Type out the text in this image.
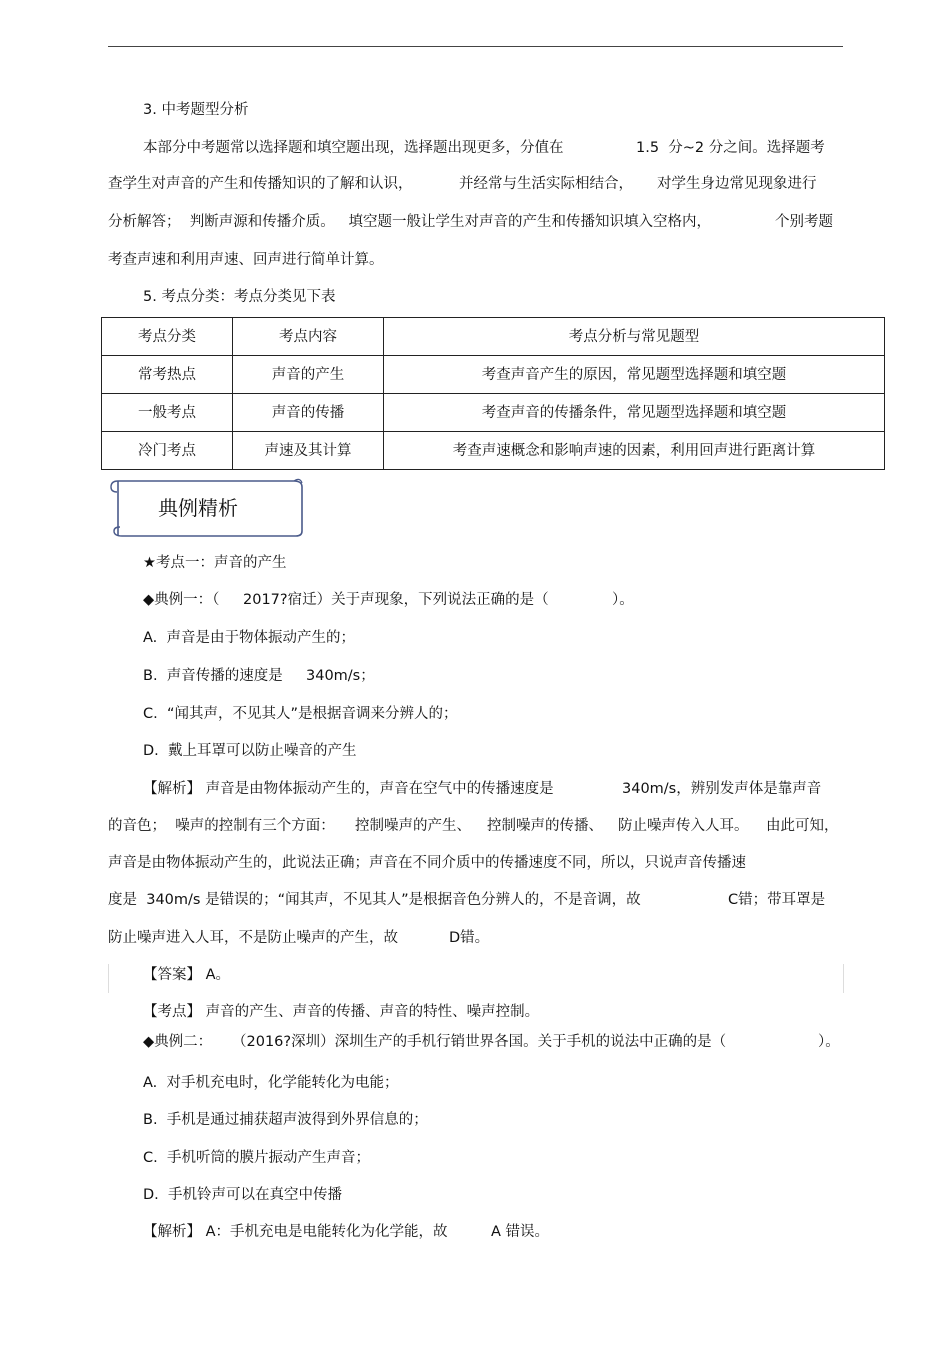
3. 中考题型分析
本部分中考题常以选择题和填空题出现，选择题出现更多，分值在	1.5  分~2 分之间。选择题考
查学生对声音的产生和传播知识的了解和认识，	并经常与生活实际相结合， 对学生身边常见现象进行
分析解答；  判断声源和传播介质。   填空题一般让学生对声音的产生和传播知识填入空格内，	个别考题
考查声速和利用声速、回声进行简单计算。
5. 考点分类：考点分类见下表
考点分类	考点内容	考点分析与常见题型
常考热点	声音的产生	考查声音产生的原因，常见题型选择题和填空题
一般考点	声音的传播	考查声音的传播条件，常见题型选择题和填空题
冷门考点	声速及其计算	考查声速概念和影响声速的因素，利用回声进行距离计算
典例精析
★考点一：声音的产生
◆典例一：（ 2017?宿迁）关于声现象，下列说法正确的是（	）。
A.  声音是由于物体振动产生的；
B.  声音传播的速度是 340m/s；
C.  “闻其声，不见其人”是根据音调来分辨人的；
D.  戴上耳罩可以防止噪音的产生
【解析】 声音是由物体振动产生的，声音在空气中的传播速度是	340m/s，辨别发声体是靠声音
的音色；  噪声的控制有三个方面： 控制噪声的产生、 控制噪声的传播、 防止噪声传入人耳。 由此可知，
声音是由物体振动产生的，此说法正确；声音在不同介质中的传播速度不同，所以，只说声音传播速
度是  340m/s 是错误的；“闻其声，不见其人”是根据音色分辨人的，不是音调，故	C错；带耳罩是
防止噪声进入人耳，不是防止噪声的产生，故	D错。
【答案】 A。
【考点】 声音的产生、声音的传播、声音的特性、噪声控制。
◆典例二： （2016?深圳）深圳生产的手机行销世界各国。关于手机的说法中正确的是（	）。
A.  对手机充电时，化学能转化为电能；
B.  手机是通过捕获超声波得到外界信息的；
C.  手机听筒的膜片振动产生声音；
D.  手机铃声可以在真空中传播
【解析】 A：手机充电是电能转化为化学能，故	A 错误。
